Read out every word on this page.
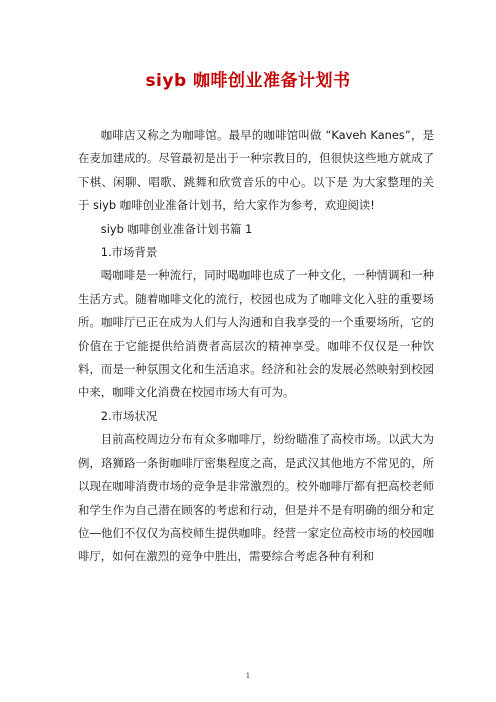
siyb 咖啡创业准备计划书

咖啡店又称之为咖啡馆。最早的咖啡馆叫做 “Kaveh Kanes”，是在麦加建成的。尽管最初是出于一种宗教目的，但很快这些地方就成了下棋、闲聊、唱歌、跳舞和欣赏音乐的中心。以下是 为大家整理的关于 siyb 咖啡创业准备计划书，给大家作为参考，欢迎阅读!

siyb 咖啡创业准备计划书篇 1

1.市场背景

喝咖啡是一种流行，同时喝咖啡也成了一种文化，一种情调和一种生活方式。随着咖啡文化的流行，校园也成为了咖啡文化入驻的重要场所。咖啡厅已正在成为人们与人沟通和自我享受的一个重要场所，它的价值在于它能提供给消费者高层次的精神享受。咖啡不仅仅是一种饮料，而是一种氛围文化和生活追求。经济和社会的发展必然映射到校园中来，咖啡文化消费在校园市场大有可为。

2.市场状况

目前高校周边分布有众多咖啡厅，纷纷瞄准了高校市场。以武大为例，珞狮路一条街咖啡厅密集程度之高，是武汉其他地方不常见的，所以现在咖啡消费市场的竞争是非常激烈的。校外咖啡厅都有把高校老师和学生作为自己潜在顾客的考虑和行动，但是并不是有明确的细分和定位―他们不仅仅为高校师生提供咖啡。经营一家定位高校市场的校园咖啡厅，如何在激烈的竞争中胜出，需要综合考虑各种有利和

1
